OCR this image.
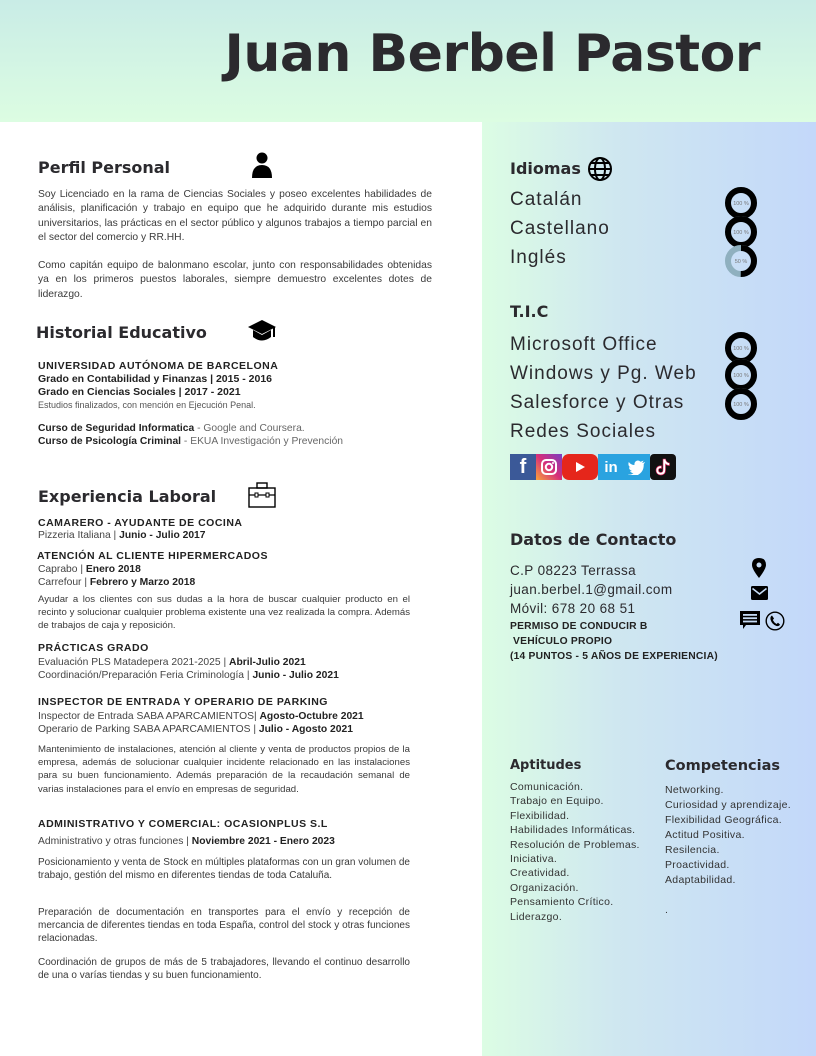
Juan Berbel Pastor
Perfil Personal
Soy Licenciado en la rama de Ciencias Sociales y poseo excelentes habilidades de análisis, planificación y trabajo en equipo que he adquirido durante mis estudios universitarios, las prácticas en el sector público y algunos trabajos a tiempo parcial en el sector del comercio y RR.HH.
Como capitán equipo de balonmano escolar, junto con responsabilidades obtenidas ya en los primeros puestos laborales, siempre demuestro excelentes dotes de liderazgo.
Historial Educativo
UNIVERSIDAD AUTÓNOMA DE BARCELONA
Grado en Contabilidad y Finanzas | 2015 - 2016
Grado en Ciencias Sociales | 2017 - 2021
Estudios finalizados, con mención en Ejecución Penal.
Curso de Seguridad Informatica - Google and Coursera.
Curso de Psicología Criminal - EKUA Investigación y Prevención
Experiencia Laboral
CAMARERO - AYUDANTE DE COCINA
Pizzeria Italiana | Junio - Julio 2017
ATENCIÓN AL CLIENTE HIPERMERCADOS
Caprabo | Enero 2018
Carrefour | Febrero y Marzo 2018
Ayudar a los clientes con sus dudas a la hora de buscar cualquier producto en el recinto y solucionar cualquier problema existente una vez realizada la compra. Además de trabajos de caja y reposición.
PRÁCTICAS GRADO
Evaluación PLS Matadepera 2021-2025 | Abril-Julio 2021
Coordinación/Preparación Feria Criminología | Junio - Julio 2021
INSPECTOR DE ENTRADA Y OPERARIO DE PARKING
Inspector de Entrada SABA APARCAMIENTOS| Agosto-Octubre 2021
Operario de Parking SABA APARCAMIENTOS | Julio - Agosto 2021
Mantenimiento de instalaciones, atención al cliente y venta de productos propios de la empresa, además de solucionar cualquier incidente relacionado en las instalaciones para su buen funcionamiento. Además preparación de la recaudación semanal de varias instalaciones para el envío en empresas de seguridad.
ADMINISTRATIVO Y COMERCIAL: OCASIONPLUS S.L
Administrativo y otras funciones | Noviembre 2021 - Enero 2023
Posicionamiento y venta de Stock en múltiples plataformas con un gran volumen de trabajo, gestión del mismo en diferentes tiendas de toda Cataluña.
Preparación de documentación en transportes para el envío y recepción de mercancia de diferentes tiendas en toda España, control del stock y otras funciones relacionadas.
Coordinación de grupos de más de 5 trabajadores, llevando el continuo desarrollo de una o varías tiendas y su buen funcionamiento.
Idiomas
Catalán
Castellano
Inglés
100 %
100 %
50 %
T.I.C
Microsoft Office
Windows y Pg. Web
Salesforce y Otras
Redes Sociales
100 %
100 %
100 %
f	in
Datos de Contacto
C.P 08223 Terrassa
juan.berbel.1@gmail.com
Móvil: 678 20 68 51
PERMISO DE CONDUCIR B
VEHÍCULO PROPIO
(14 PUNTOS - 5 AÑOS DE EXPERIENCIA)
Aptitudes
Comunicación.
Trabajo en Equipo.
Flexibilidad.
Habilidades Informáticas.
Resolución de Problemas.
Iniciativa.
Creatividad.
Organización.
Pensamiento Crítico.
Liderazgo.
Competencias
Networking.
Curiosidad y aprendizaje.
Flexibilidad Geográfica.
Actitud Positiva.
Resilencia.
Proactividad.
Adaptabilidad.
.
